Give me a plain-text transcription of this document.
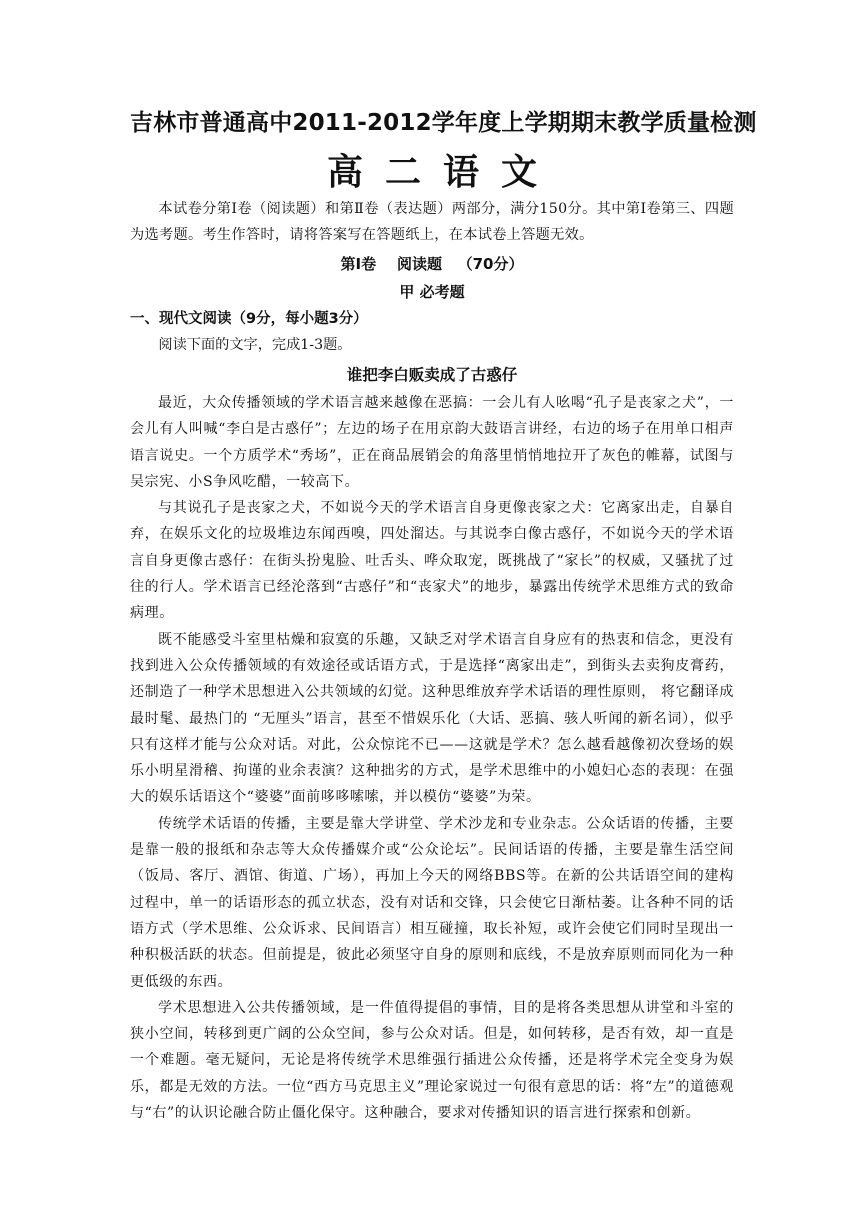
吉林市普通高中2011-2012学年度上学期期末教学质量检测
高二语文

本试卷分第Ⅰ卷（阅读题）和第Ⅱ卷（表达题）两部分，满分150分。其中第Ⅰ卷第三、四题为选考题。考生作答时，请将答案写在答题纸上，在本试卷上答题无效。

第Ⅰ卷    阅读题   （70分）
甲 必考题
一、现代文阅读（9分，每小题3分）

阅读下面的文字，完成1-3题。

谁把李白贩卖成了古惑仔

最近，大众传播领域的学术语言越来越像在恶搞：一会儿有人吆喝“孔子是丧家之犬”，一会儿有人叫喊“李白是古惑仔”；左边的场子在用京韵大鼓语言讲经，右边的场子在用单口相声语言说史。一个方质学术“秀场”，正在商品展销会的角落里悄悄地拉开了灰色的帷幕，试图与吴宗宪、小S争风吃醋，一较高下。

与其说孔子是丧家之犬，不如说今天的学术语言自身更像丧家之犬：它离家出走，自暴自弃，在娱乐文化的垃圾堆边东闻西嗅，四处溜达。与其说李白像古惑仔，不如说今天的学术语言自身更像古惑仔：在街头扮鬼脸、吐舌头、哗众取宠，既挑战了“家长”的权威，又骚扰了过往的行人。学术语言已经沦落到“古惑仔”和“丧家犬”的地步，暴露出传统学术思维方式的致命病理。

既不能感受斗室里枯燥和寂寞的乐趣，又缺乏对学术语言自身应有的热衷和信念，更没有找到进入公众传播领域的有效途径或话语方式，于是选择“离家出走”，到街头去卖狗皮膏药，还制造了一种学术思想进入公共领域的幻觉。这种思维放弃学术话语的理性原则， 将它翻译成最时髦、最热门的 “无厘头”语言，甚至不惜娱乐化（大话、恶搞、骇人听闻的新名词），似乎只有这样才能与公众对话。对此，公众惊诧不已——这就是学术？怎么越看越像初次登场的娱乐小明星滑稽、拘谨的业余表演？这种拙劣的方式，是学术思维中的小媳妇心态的表现：在强大的娱乐话语这个“婆婆”面前哆哆嗦嗦，并以模仿“婆婆”为荣。

传统学术话语的传播，主要是靠大学讲堂、学术沙龙和专业杂志。公众话语的传播，主要是靠一般的报纸和杂志等大众传播媒介或“公众论坛”。民间话语的传播，主要是靠生活空间（饭局、客厅、酒馆、街道、广场），再加上今天的网络BBS等。在新的公共话语空间的建构过程中，单一的话语形态的孤立状态，没有对话和交锋，只会使它日渐枯萎。让各种不同的话语方式（学术思维、公众诉求、民间语言）相互碰撞，取长补短，或许会使它们同时呈现出一种积极活跃的状态。但前提是，彼此必须坚守自身的原则和底线，不是放弃原则而同化为一种更低级的东西。

学术思想进入公共传播领域，是一件值得提倡的事情，目的是将各类思想从讲堂和斗室的狭小空间，转移到更广阔的公众空间，参与公众对话。但是，如何转移，是否有效，却一直是一个难题。毫无疑问，无论是将传统学术思维强行插进公众传播，还是将学术完全变身为娱乐，都是无效的方法。一位“西方马克思主义”理论家说过一句很有意思的话：将“左”的道德观与“右”的认识论融合防止僵化保守。这种融合，要求对传播知识的语言进行探索和创新。
